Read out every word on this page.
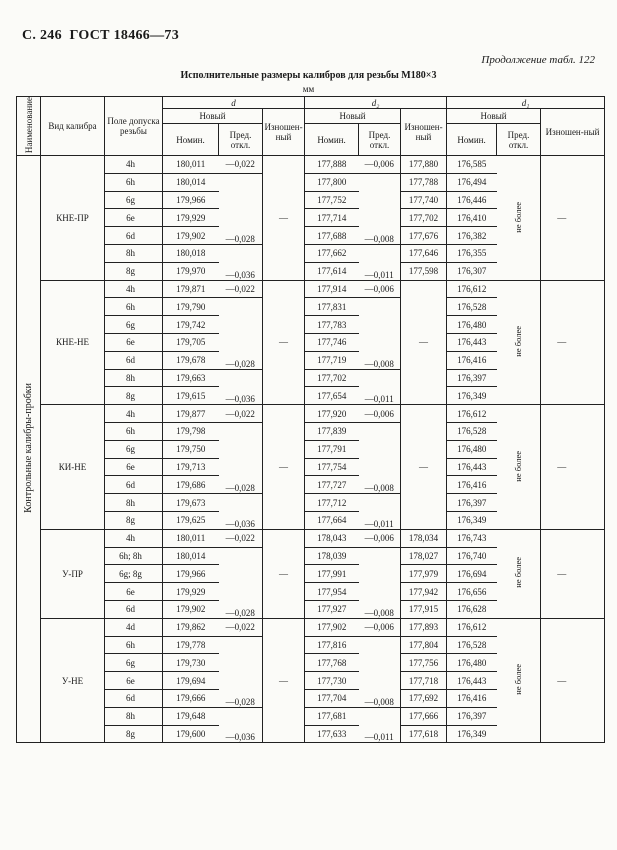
С. 246 ГОСТ 18466—73
Продолжение табл. 122
Исполнительные размеры калибров для резьбы М180×3
мм
Наименование	Вид калибра	Поле допуска резьбы	d			d₂			d₁			
			Новый		Изношен-ный	Новый		Изношен-ный	Новый		Изношен-ный	
			Номин.	Пред. откл.		Номин.	Пред. откл.		Номин.	Пред. откл.		
Контрольные калибры-пробки	КНЕ-ПР	4h	180,011	—0,022	—	177,888	—0,006	177,880	176,585	не более	—	
		6h	180,014	—0,028		177,800	—0,008	177,788	176,494			
		6g	179,966			177,752		177,740	176,446			
		6e	179,929			177,714		177,702	176,410			
		6d	179,902			177,688		177,676	176,382			
		8h	180,018	—0,036		177,662	—0,011	177,646	176,355			
		8g	179,970			177,614		177,598	176,307			
	КНЕ-НЕ	4h	179,871	—0,022	—	177,914	—0,006	—	176,612	не более	—	
		6h	179,790	—0,028		177,831	—0,008		176,528			
		6g	179,742			177,783			176,480			
		6e	179,705			177,746			176,443			
		6d	179,678			177,719			176,416			
		8h	179,663	—0,036		177,702	—0,011		176,397			
		8g	179,615			177,654			176,349			
	КИ-НЕ	4h	179,877	—0,022	—	177,920	—0,006	—	176,612	не более	—	
		6h	179,798	—0,028		177,839	—0,008		176,528			
		6g	179,750			177,791			176,480			
		6e	179,713			177,754			176,443			
		6d	179,686			177,727			176,416			
		8h	179,673	—0,036		177,712	—0,011		176,397			
		8g	179,625			177,664			176,349			
	У-ПР	4h	180,011	—0,022	—	178,043	—0,006	178,034	176,743	не более	—	
		6h; 8h	180,014	—0,028		178,039	—0,008	178,027	176,740			
		6g; 8g	179,966			177,991		177,979	176,694			
		6e	179,929			177,954		177,942	176,656			
		6d	179,902			177,927		177,915	176,628			
	У-НЕ	4d	179,862	—0,022	—	177,902	—0,006	177,893	176,612	не более	—	
		6h	179,778	—0,028		177,816	—0,008	177,804	176,528			
		6g	179,730			177,768		177,756	176,480			
		6e	179,694			177,730		177,718	176,443			
		6d	179,666			177,704		177,692	176,416			
		8h	179,648	—0,036		177,681	—0,011	177,666	176,397			
		8g	179,600			177,633		177,618	176,349			
